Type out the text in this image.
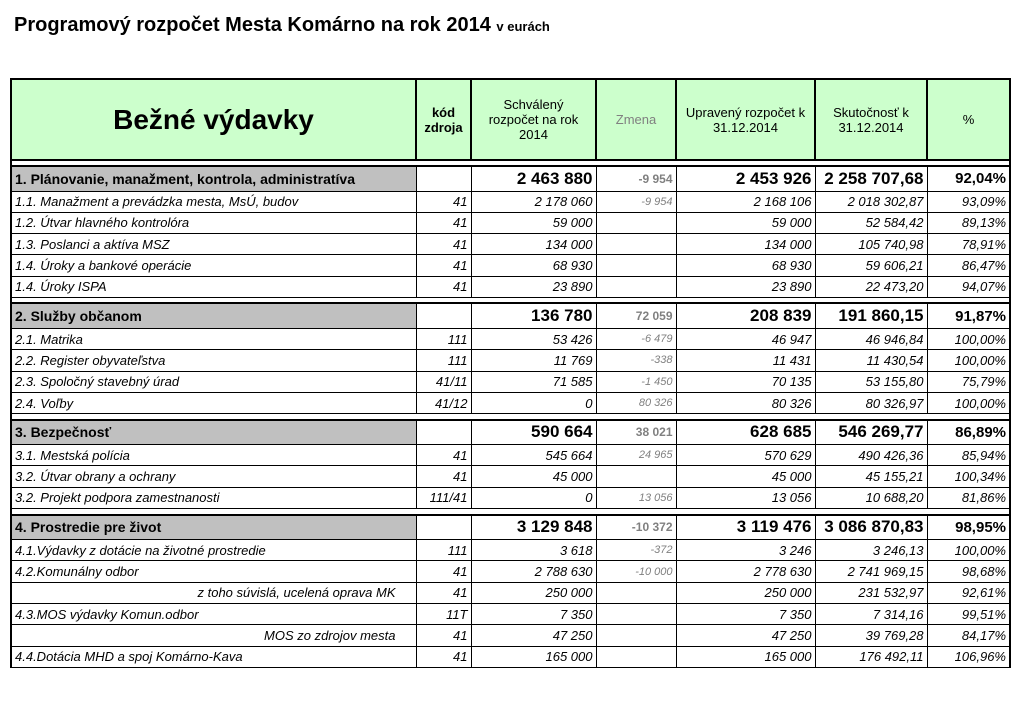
Programový rozpočet Mesta Komárno na rok 2014 v eurách
Bežné výdavky	kód zdroja	Schválený rozpočet na rok 2014	Zmena	Upravený rozpočet k 31.12.2014	Skutočnosť k 31.12.2014	%

1. Plánovanie, manažment, kontrola, administratíva		2 463 880	-9 954	2 453 926	2 258 707,68	92,04%
1.1. Manažment a prevádzka mesta, MsÚ, budov	41	2 178 060	-9 954	2 168 106	2 018 302,87	93,09%
1.2. Útvar hlavného kontrolóra	41	59 000		59 000	52 584,42	89,13%
1.3. Poslanci a aktíva MSZ	41	134 000		134 000	105 740,98	78,91%
1.4. Úroky a bankové operácie	41	68 930		68 930	59 606,21	86,47%
1.4. Úroky ISPA	41	23 890		23 890	22 473,20	94,07%

2. Služby občanom		136 780	72 059	208 839	191 860,15	91,87%
2.1. Matrika	111	53 426	-6 479	46 947	46 946,84	100,00%
2.2. Register obyvateľstva	111	11 769	-338	11 431	11 430,54	100,00%
2.3. Spoločný stavebný úrad	41/11	71 585	-1 450	70 135	53 155,80	75,79%
2.4. Voľby	41/12	0	80 326	80 326	80 326,97	100,00%

3. Bezpečnosť		590 664	38 021	628 685	546 269,77	86,89%
3.1. Mestská polícia	41	545 664	24 965	570 629	490 426,36	85,94%
3.2. Útvar obrany a ochrany	41	45 000		45 000	45 155,21	100,34%
3.2. Projekt podpora zamestnanosti	111/41	0	13 056	13 056	10 688,20	81,86%

4. Prostredie pre život		3 129 848	-10 372	3 119 476	3 086 870,83	98,95%
4.1.Výdavky z dotácie na životné prostredie	111	3 618	-372	3 246	3 246,13	100,00%
4.2.Komunálny odbor	41	2 788 630	-10 000	2 778 630	2 741 969,15	98,68%
z toho súvislá, ucelená oprava MK	41	250 000		250 000	231 532,97	92,61%
4.3.MOS výdavky Komun.odbor	11T	7 350		7 350	7 314,16	99,51%
MOS zo zdrojov mesta	41	47 250		47 250	39 769,28	84,17%
4.4.Dotácia MHD a spoj Komárno-Kava	41	165 000		165 000	176 492,11	106,96%
